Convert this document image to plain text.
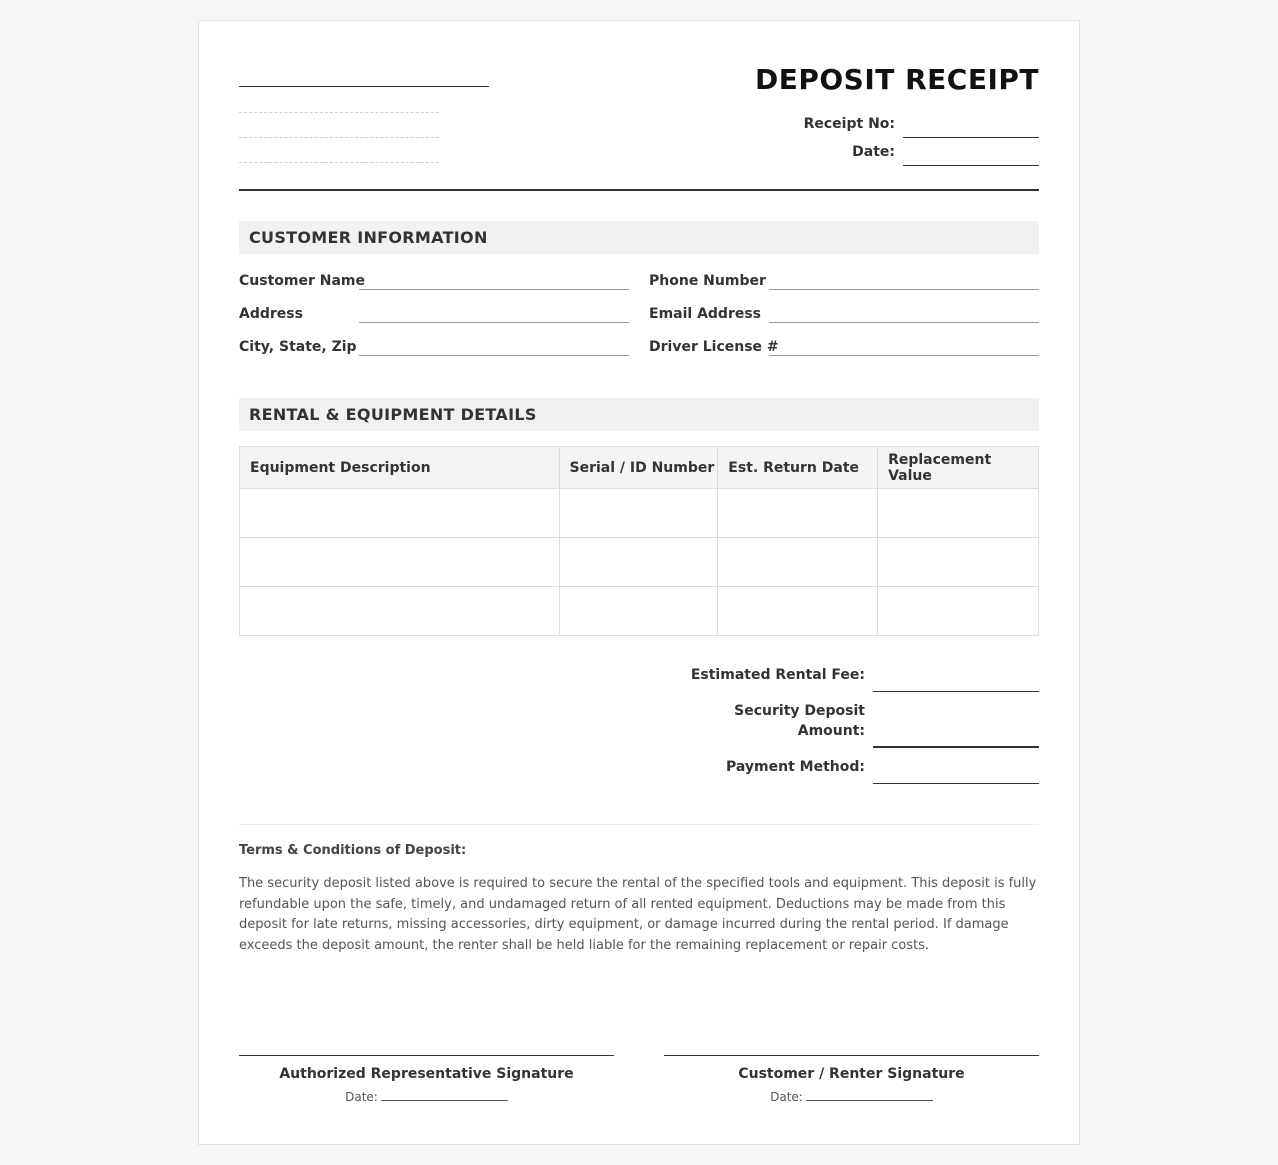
DEPOSIT RECEIPT
Receipt No:
Date:
CUSTOMER INFORMATION
Customer Name	Phone Number
Address	Email Address
City, State, Zip	Driver License #
RENTAL & EQUIPMENT DETAILS
Equipment Description	Serial / ID Number	Est. Return Date	Replacement Value

Estimated Rental Fee:
Security Deposit
Amount:
Payment Method:
Terms & Conditions of Deposit:
The security deposit listed above is required to secure the rental of the specified tools and equipment. This deposit is fully refundable upon the safe, timely, and undamaged return of all rented equipment. Deductions may be made from this deposit for late returns, missing accessories, dirty equipment, or damage incurred during the rental period. If damage exceeds the deposit amount, the renter shall be held liable for the remaining replacement or repair costs.
Authorized Representative Signature
Date:
Customer / Renter Signature
Date:
